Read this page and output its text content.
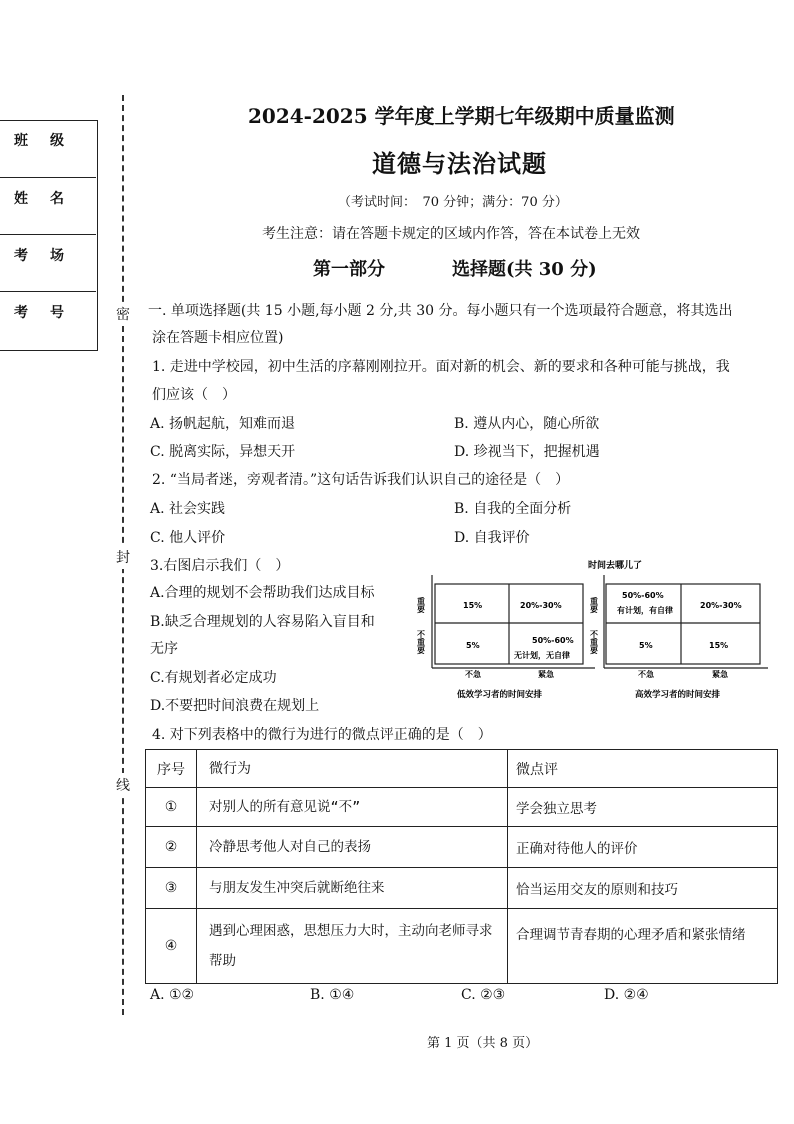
班级
姓名
考场
考号 密
封
线
2024-2025 学年度上学期七年级期中质量监测
道德与法治试题
（考试时间：　70 分钟；满分：70 分）
考生注意：请在答题卡规定的区域内作答，答在本试卷上无效
第一部分	选择题(共 30 分)
一. 单项选择题(共 15 小题,每小题 2 分,共 30 分。每小题只有一个选项最符合题意，将其选出
涂在答题卡相应位置)
1. 走进中学校园，初中生活的序幕刚刚拉开。面对新的机会、新的要求和各种可能与挑战，我
们应该（　）
A. 扬帆起航，知难而退	B. 遵从内心，随心所欲
C. 脱离实际，异想天开	D. 珍视当下，把握机遇
2. “当局者迷，旁观者清。”这句话告诉我们认识自己的途径是（　）
A. 社会实践	B. 自我的全面分析
C. 他人评价	D. 自我评价
3.右图启示我们（　）
A.合理的规划不会帮助我们达成目标
B.缺乏合理规划的人容易陷入盲目和
无序
C.有规划者必定成功
D.不要把时间浪费在规划上
时间去哪儿了
重要
不重要
15%	20%-30%
5%
50%-60%
无计划，无自律
不急	紧急
低效学习者的时间安排
重要
不重要
50%-60%
有计划，有自律
20%-30%
5%	15%
不急	紧急
高效学习者的时间安排
4. 对下列表格中的微行为进行的微点评正确的是（　）
序号	微行为	微点评
①	对别人的所有意见说“不”	学会独立思考
②	冷静思考他人对自己的表扬	正确对待他人的评价
③	与朋友发生冲突后就断绝往来	恰当运用交友的原则和技巧
④	遇到心理困惑，思想压力大时，主动向老师寻求帮助	合理调节青春期的心理矛盾和紧张情绪
A. ①②	B. ①④	C. ②③	D. ②④
第 1 页（共 8 页）
